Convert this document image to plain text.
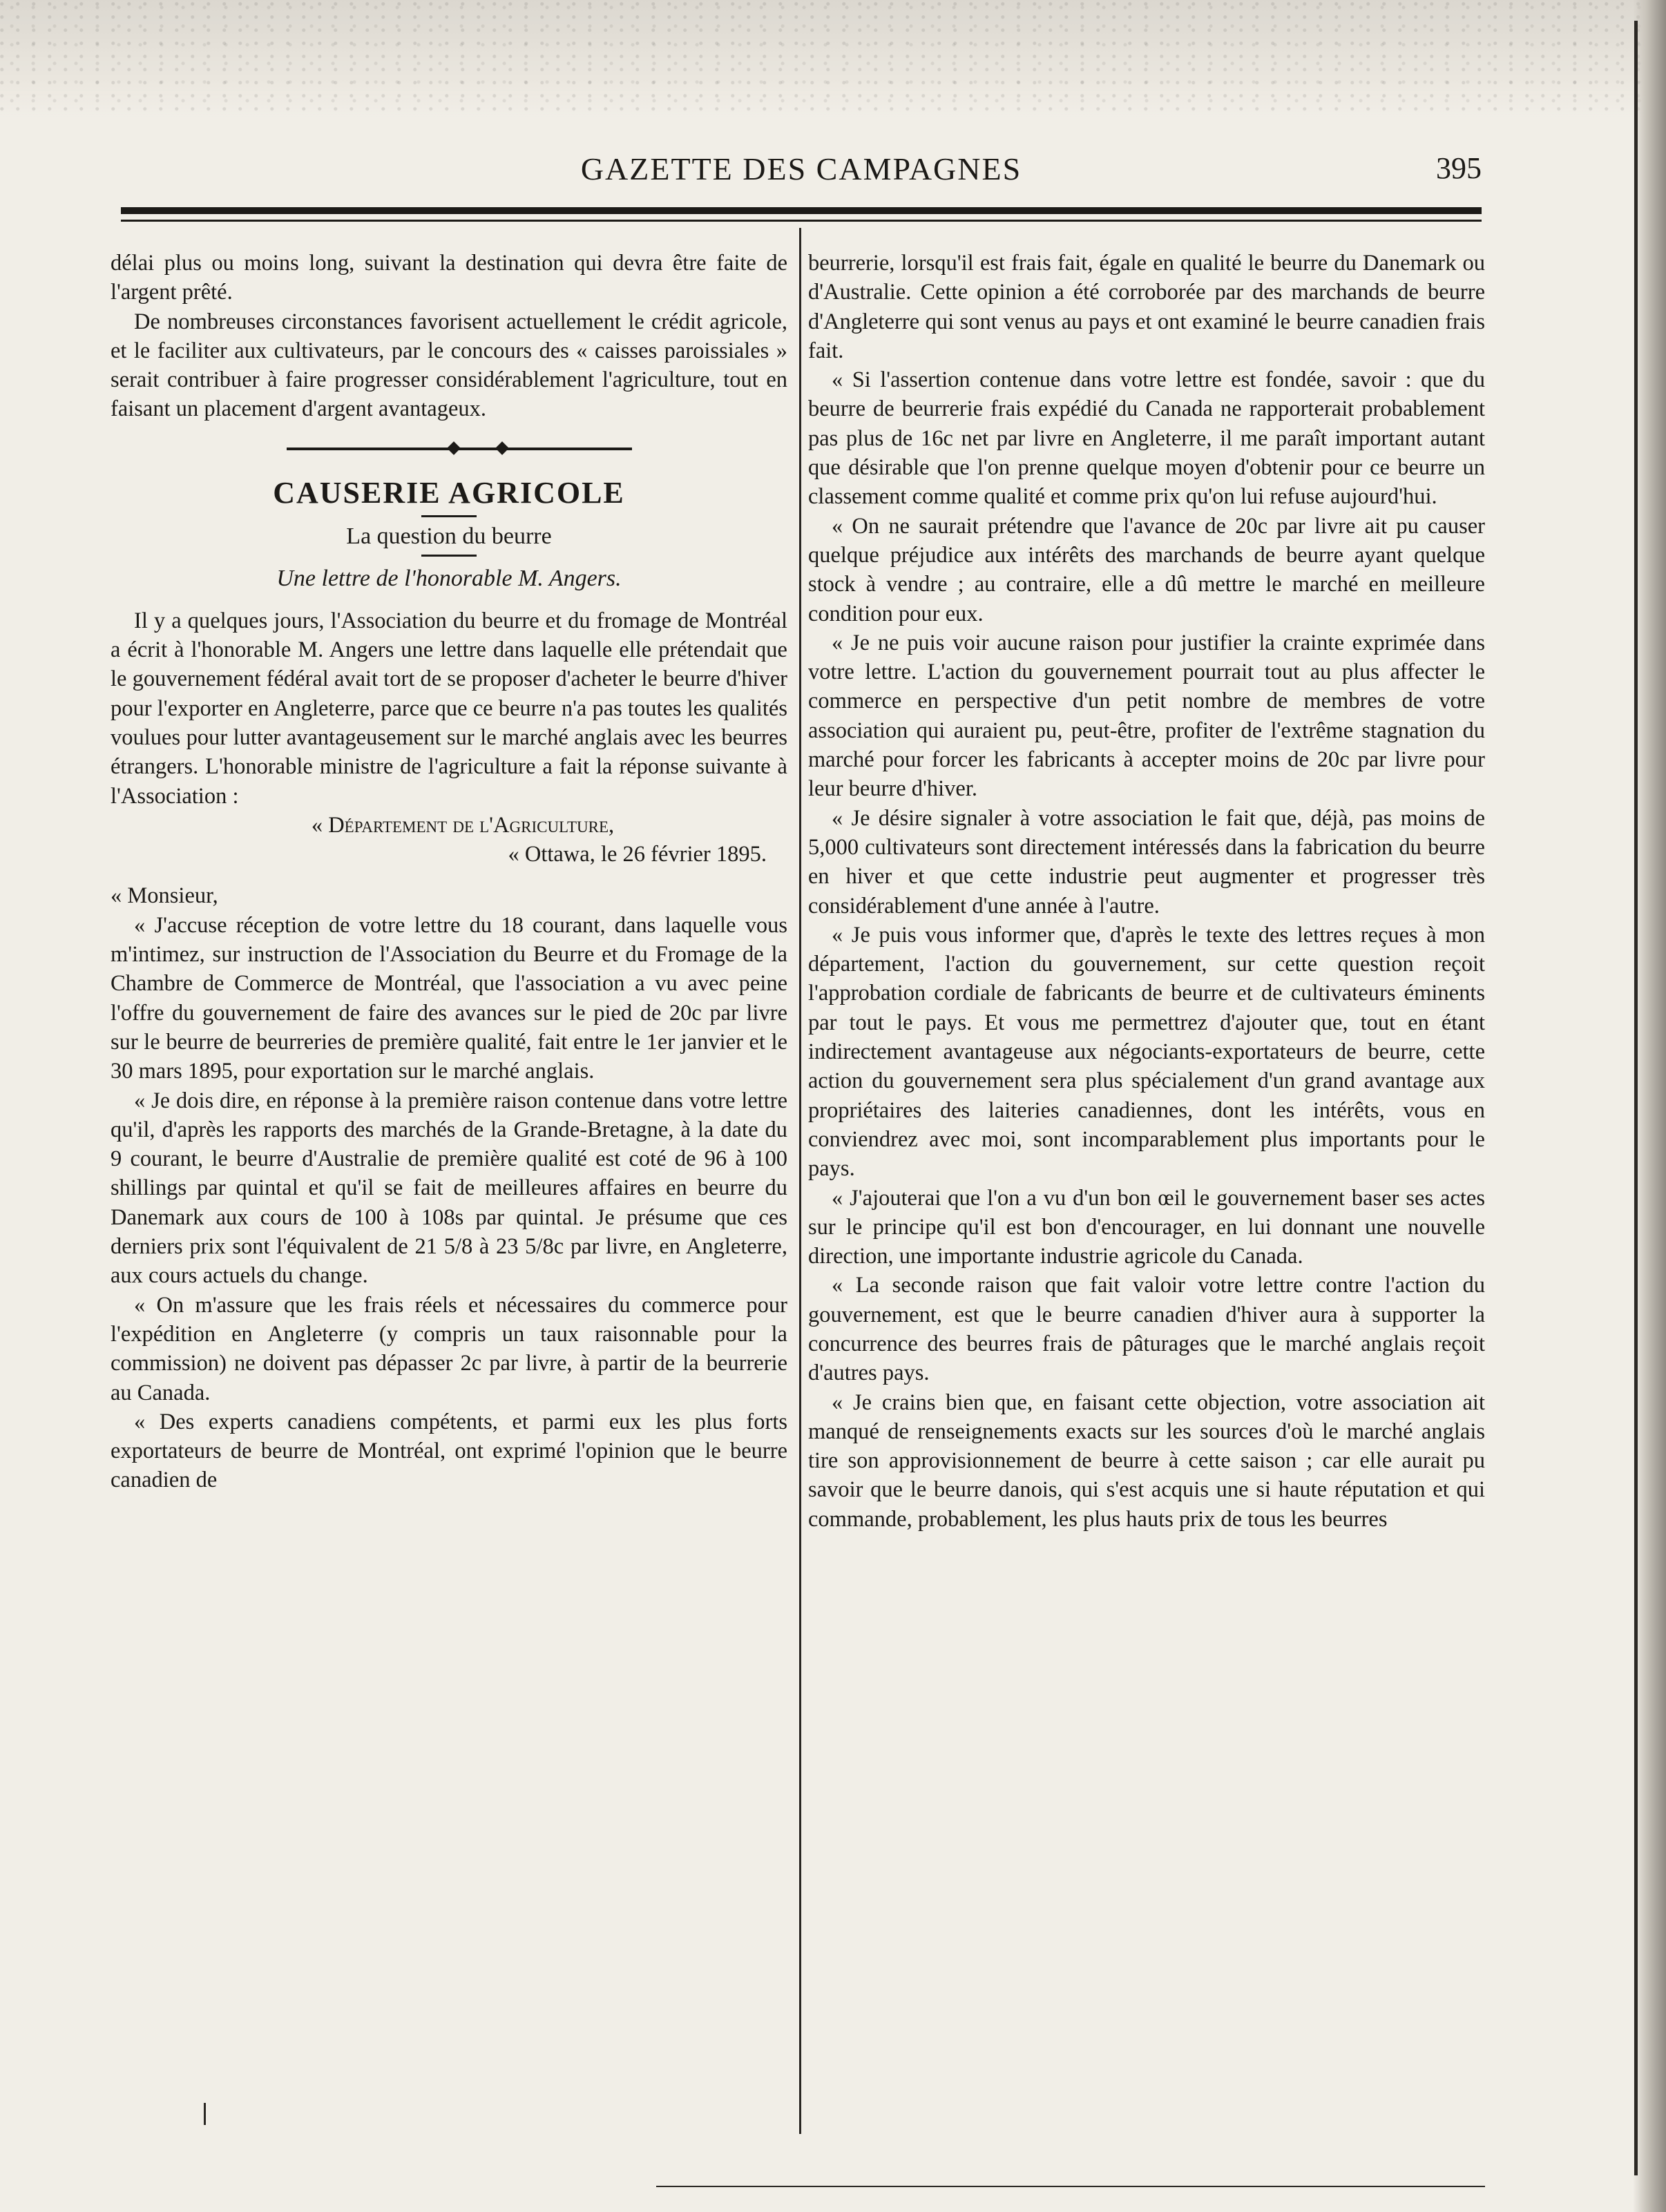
GAZETTE DES CAMPAGNES	395

délai plus ou moins long, suivant la destination qui devra être faite de l'argent prêté.

De nombreuses circonstances favorisent actuellement le crédit agricole, et le faciliter aux cultivateurs, par le concours des « caisses paroissiales » serait contribuer à faire progresser considérablement l'agriculture, tout en faisant un placement d'argent avantageux.

CAUSERIE AGRICOLE
La question du beurre
Une lettre de l'honorable M. Angers.

Il y a quelques jours, l'Association du beurre et du fromage de Montréal a écrit à l'honorable M. Angers une lettre dans laquelle elle prétendait que le gouvernement fédéral avait tort de se proposer d'acheter le beurre d'hiver pour l'exporter en Angleterre, parce que ce beurre n'a pas toutes les qualités voulues pour lutter avantageusement sur le marché anglais avec les beurres étrangers. L'honorable ministre de l'agriculture a fait la réponse suivante à l'Association :

« Département de l'Agriculture,
« Ottawa, le 26 février 1895.

« Monsieur,

« J'accuse réception de votre lettre du 18 courant, dans laquelle vous m'intimez, sur instruction de l'Association du Beurre et du Fromage de la Chambre de Commerce de Montréal, que l'association a vu avec peine l'offre du gouvernement de faire des avances sur le pied de 20c par livre sur le beurre de beurreries de première qualité, fait entre le 1er janvier et le 30 mars 1895, pour exportation sur le marché anglais.

« Je dois dire, en réponse à la première raison contenue dans votre lettre qu'il, d'après les rapports des marchés de la Grande-Bretagne, à la date du 9 courant, le beurre d'Australie de première qualité est coté de 96 à 100 shillings par quintal et qu'il se fait de meilleures affaires en beurre du Danemark aux cours de 100 à 108s par quintal. Je présume que ces derniers prix sont l'équivalent de 21 5/8 à 23 5/8c par livre, en Angleterre, aux cours actuels du change.

« On m'assure que les frais réels et nécessaires du commerce pour l'expédition en Angleterre (y compris un taux raisonnable pour la commission) ne doivent pas dépasser 2c par livre, à partir de la beurrerie au Canada.

« Des experts canadiens compétents, et parmi eux les plus forts exportateurs de beurre de Montréal, ont exprimé l'opinion que le beurre canadien de

beurrerie, lorsqu'il est frais fait, égale en qualité le beurre du Danemark ou d'Australie. Cette opinion a été corroborée par des marchands de beurre d'Angleterre qui sont venus au pays et ont examiné le beurre canadien frais fait.

« Si l'assertion contenue dans votre lettre est fondée, savoir : que du beurre de beurrerie frais expédié du Canada ne rapporterait probablement pas plus de 16c net par livre en Angleterre, il me paraît important autant que désirable que l'on prenne quelque moyen d'obtenir pour ce beurre un classement comme qualité et comme prix qu'on lui refuse aujourd'hui.

« On ne saurait prétendre que l'avance de 20c par livre ait pu causer quelque préjudice aux intérêts des marchands de beurre ayant quelque stock à vendre ; au contraire, elle a dû mettre le marché en meilleure condition pour eux.

« Je ne puis voir aucune raison pour justifier la crainte exprimée dans votre lettre. L'action du gouvernement pourrait tout au plus affecter le commerce en perspective d'un petit nombre de membres de votre association qui auraient pu, peut-être, profiter de l'extrême stagnation du marché pour forcer les fabricants à accepter moins de 20c par livre pour leur beurre d'hiver.

« Je désire signaler à votre association le fait que, déjà, pas moins de 5,000 cultivateurs sont directement intéressés dans la fabrication du beurre en hiver et que cette industrie peut augmenter et progresser très considérablement d'une année à l'autre.

« Je puis vous informer que, d'après le texte des lettres reçues à mon département, l'action du gouvernement, sur cette question reçoit l'approbation cordiale de fabricants de beurre et de cultivateurs éminents par tout le pays. Et vous me permettrez d'ajouter que, tout en étant indirectement avantageuse aux négociants-exportateurs de beurre, cette action du gouvernement sera plus spécialement d'un grand avantage aux propriétaires des laiteries canadiennes, dont les intérêts, vous en conviendrez avec moi, sont incomparablement plus importants pour le pays.

« J'ajouterai que l'on a vu d'un bon œil le gouvernement baser ses actes sur le principe qu'il est bon d'encourager, en lui donnant une nouvelle direction, une importante industrie agricole du Canada.

« La seconde raison que fait valoir votre lettre contre l'action du gouvernement, est que le beurre canadien d'hiver aura à supporter la concurrence des beurres frais de pâturages que le marché anglais reçoit d'autres pays.

« Je crains bien que, en faisant cette objection, votre association ait manqué de renseignements exacts sur les sources d'où le marché anglais tire son approvisionnement de beurre à cette saison ; car elle aurait pu savoir que le beurre danois, qui s'est acquis une si haute réputation et qui commande, probablement, les plus hauts prix de tous les beurres
